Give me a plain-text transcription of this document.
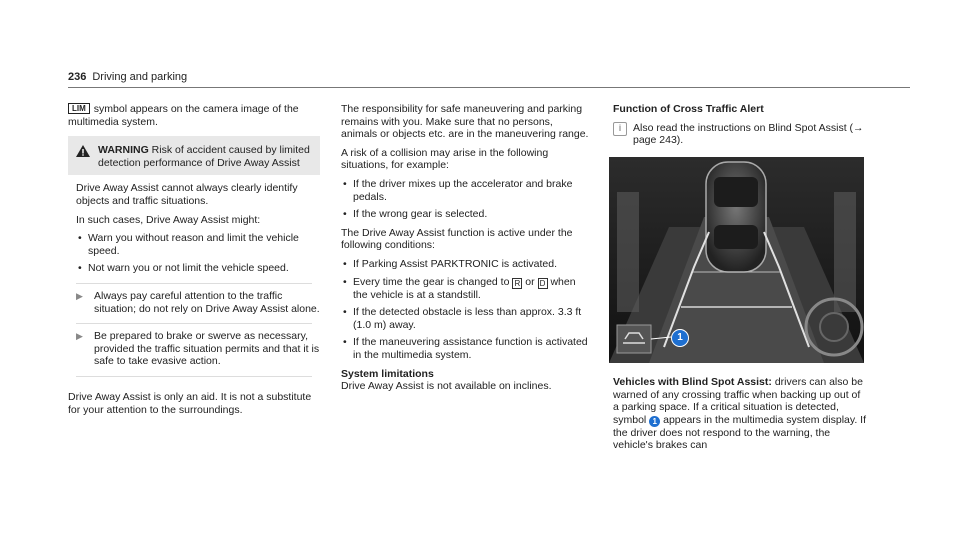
236 Driving and parking

LIM symbol appears on the camera image of the multimedia system.

WARNING Risk of accident caused by limited detection performance of Drive Away Assist

Drive Away Assist cannot always clearly identify objects and traffic situations.

In such cases, Drive Away Assist might:

• Warn you without reason and limit the vehicle speed.
• Not warn you or not limit the vehicle speed.
▶	Always pay careful attention to the traffic situation; do not rely on Drive Away Assist alone.
▶	Be prepared to brake or swerve as necessary, provided the traffic situation permits and that it is safe to take evasive action.

Drive Away Assist is only an aid. It is not a substitute for your attention to the surroundings.

The responsibility for safe maneuvering and parking remains with you. Make sure that no persons, animals or objects etc. are in the maneuvering range.

A risk of a collision may arise in the following situations, for example:

• If the driver mixes up the accelerator and brake pedals.
• If the wrong gear is selected.

The Drive Away Assist function is active under the following conditions:

• If Parking Assist PARKTRONIC is activated.
• Every time the gear is changed to R or D when the vehicle is at a standstill.
• If the detected obstacle is less than approx. 3.3 ft (1.0 m) away.
• If the maneuvering assistance function is activated in the multimedia system.
System limitations

Drive Away Assist is not available on inclines.

Function of Cross Traffic Alert
i	Also read the instructions on Blind Spot Assist (→ page 243).
1

Vehicles with Blind Spot Assist: drivers can also be warned of any crossing traffic when backing up out of a parking space. If a critical situation is detected, symbol 1 appears in the multimedia system display. If the driver does not respond to the warning, the vehicle's brakes can
